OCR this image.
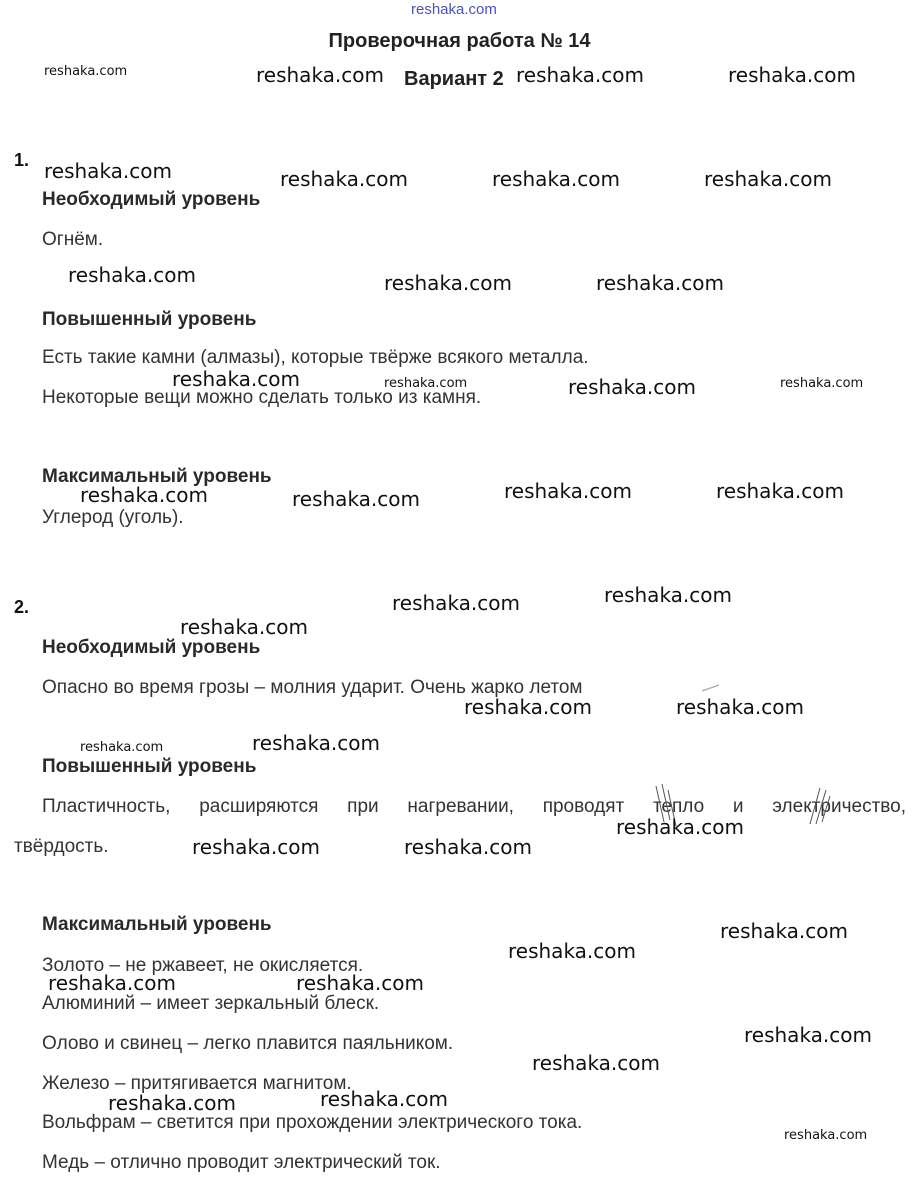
reshaka.com
Проверочная работа № 14
Вариант 2
1.
Необходимый уровень
Огнём.
Повышенный уровень
Есть такие камни (алмазы), которые твёрже всякого металла.
Некоторые вещи можно сделать только из камня.
Максимальный уровень
Углерод (уголь).
2.
Необходимый уровень
Опасно во время грозы – молния ударит. Очень жарко летом
Повышенный уровень
Пластичность, расширяются при нагревании, проводят тепло и электричество,
твёрдость.
Максимальный уровень
Золото – не ржавеет, не окисляется.
Алюминий – имеет зеркальный блеск.
Олово и свинец – легко плавится паяльником.
Железо – притягивается магнитом.
Вольфрам – светится при прохождении электрического тока.
Медь – отлично проводит электрический ток.
reshaka.com	reshaka.com	reshaka.com	reshaka.com
reshaka.com	reshaka.com	reshaka.com	reshaka.com
reshaka.com	reshaka.com	reshaka.com
reshaka.com	reshaka.com	reshaka.com	reshaka.com
reshaka.com	reshaka.com	reshaka.com	reshaka.com
reshaka.com	reshaka.com
reshaka.com
reshaka.com	reshaka.com
reshaka.com	reshaka.com
reshaka.com
reshaka.com	reshaka.com
reshaka.com
reshaka.com
reshaka.com	reshaka.com
reshaka.com
reshaka.com
reshaka.com	reshaka.com
reshaka.com
